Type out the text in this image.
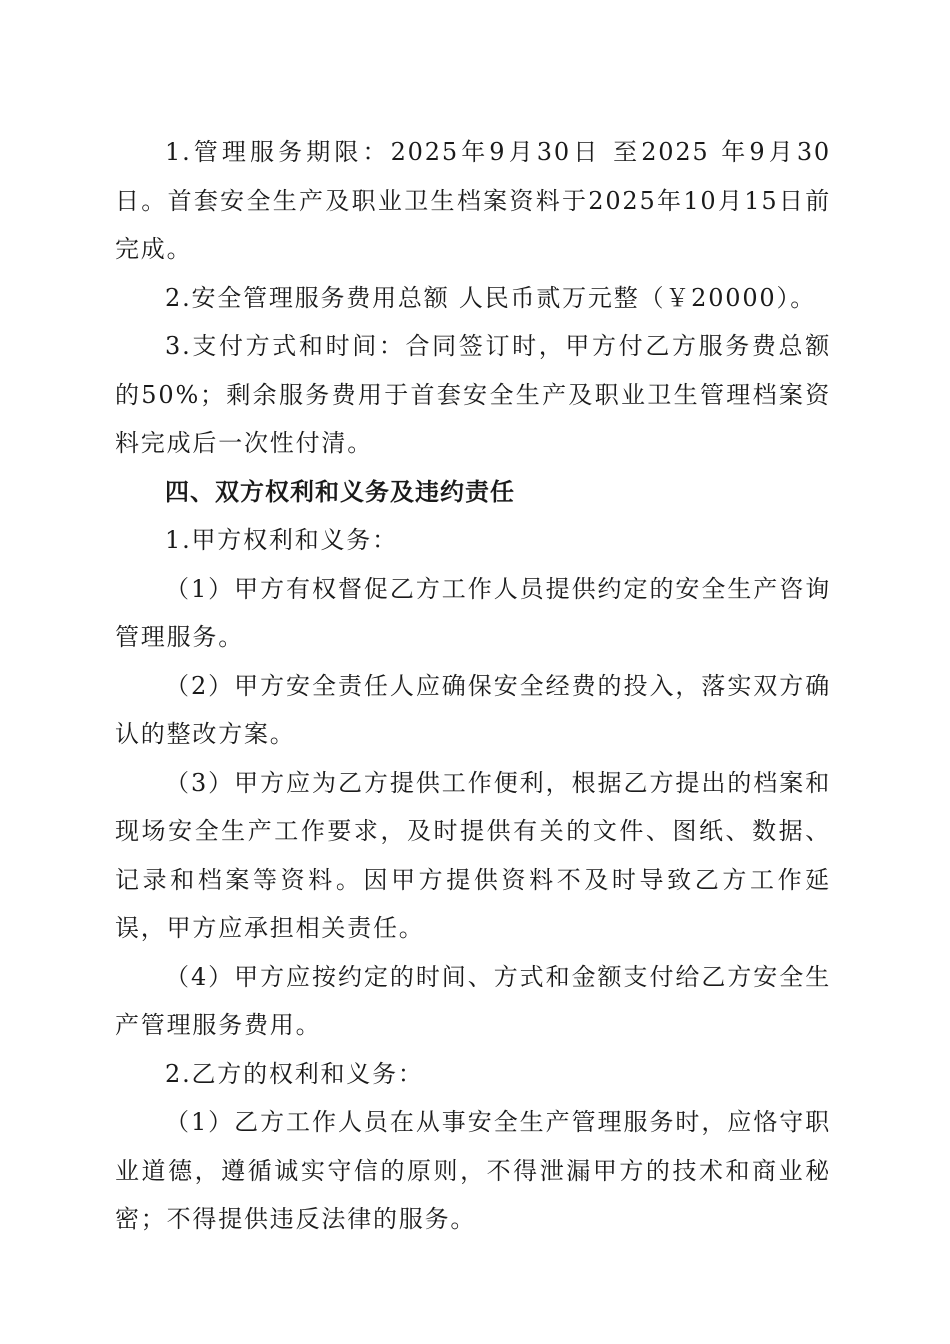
1.管理服务期限：2025年9月30日 至2025 年9月30日。首套安全生产及职业卫生档案资料于2025年10月15日前完成。

2.安全管理服务费用总额 人民币贰万元整（￥20000）。

3.支付方式和时间：合同签订时，甲方付乙方服务费总额的50%；剩余服务费用于首套安全生产及职业卫生管理档案资料完成后一次性付清。

四、双方权利和义务及违约责任

1.甲方权利和义务：

（1）甲方有权督促乙方工作人员提供约定的安全生产咨询管理服务。

（2）甲方安全责任人应确保安全经费的投入，落实双方确认的整改方案。

（3）甲方应为乙方提供工作便利，根据乙方提出的档案和现场安全生产工作要求，及时提供有关的文件、图纸、数据、记录和档案等资料。因甲方提供资料不及时导致乙方工作延误，甲方应承担相关责任。

（4）甲方应按约定的时间、方式和金额支付给乙方安全生产管理服务费用。

2.乙方的权利和义务：

（1）乙方工作人员在从事安全生产管理服务时，应恪守职业道德，遵循诚实守信的原则，不得泄漏甲方的技术和商业秘密；不得提供违反法律的服务。
